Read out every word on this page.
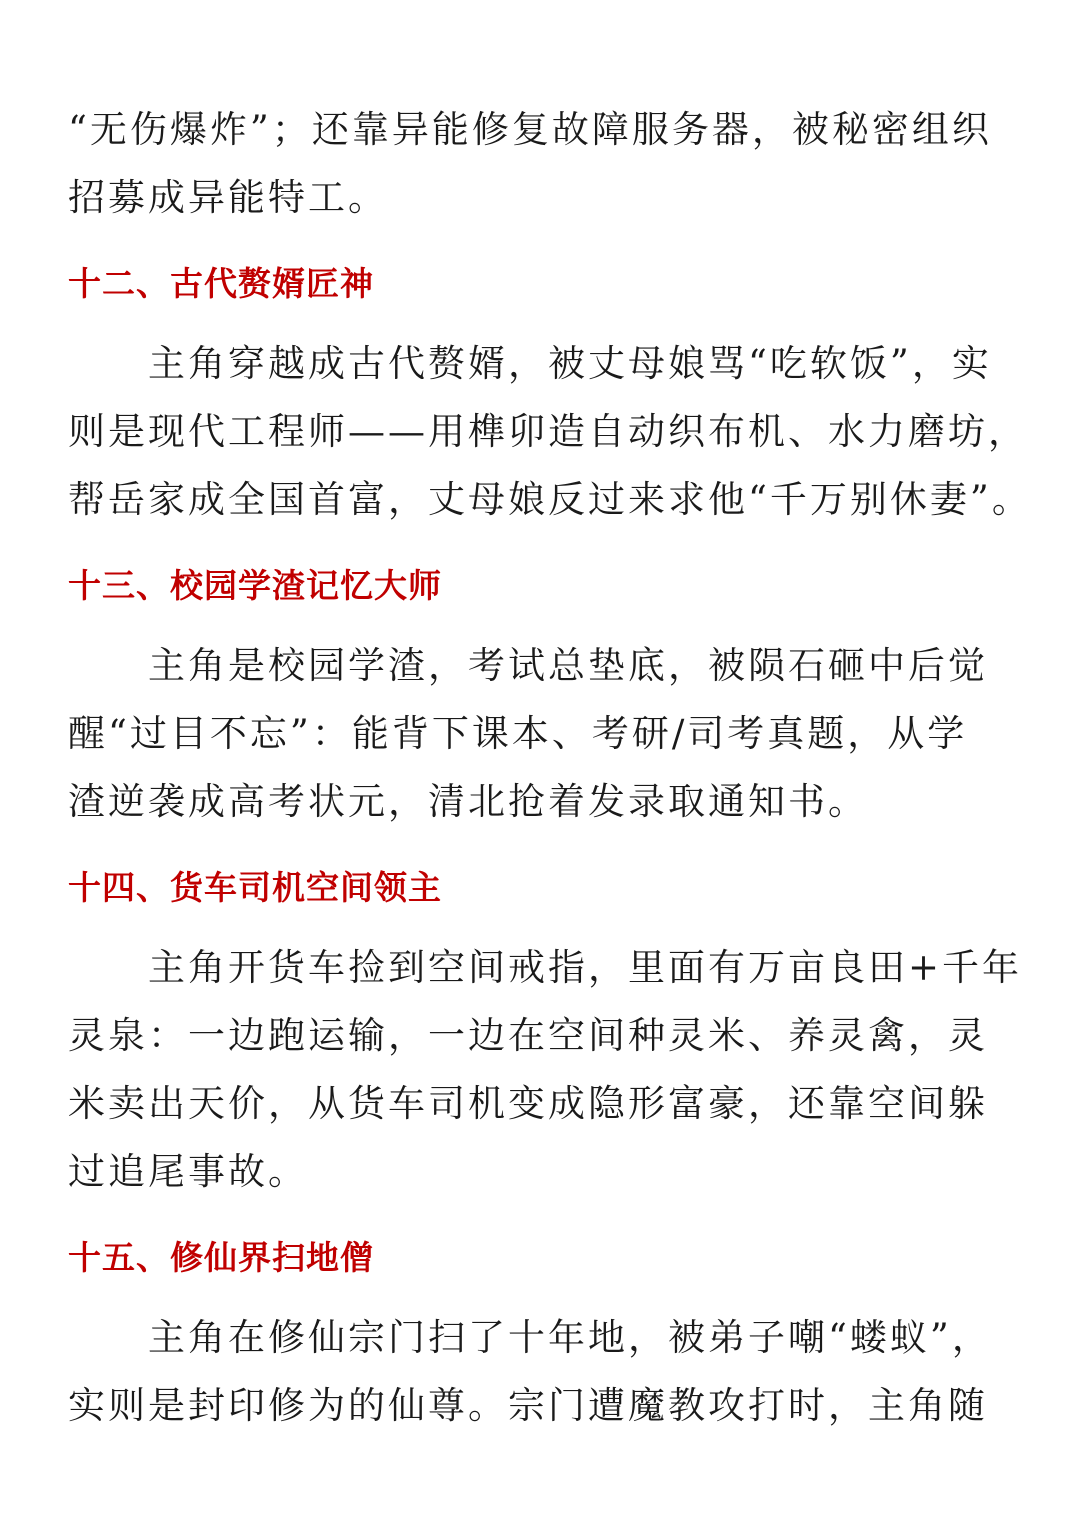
“无伤爆炸”；还靠异能修复故障服务器，被秘密组织
招募成异能特工。

十二、古代赘婿匠神

主角穿越成古代赘婿，被丈母娘骂“吃软饭”，实
则是现代工程师——用榫卯造自动织布机、水力磨坊，
帮岳家成全国首富，丈母娘反过来求他“千万别休妻”。

十三、校园学渣记忆大师

主角是校园学渣，考试总垫底，被陨石砸中后觉
醒“过目不忘”：能背下课本、考研/司考真题，从学
渣逆袭成高考状元，清北抢着发录取通知书。

十四、货车司机空间领主

主角开货车捡到空间戒指，里面有万亩良田+千年
灵泉：一边跑运输，一边在空间种灵米、养灵禽，灵
米卖出天价，从货车司机变成隐形富豪，还靠空间躲
过追尾事故。

十五、修仙界扫地僧

主角在修仙宗门扫了十年地，被弟子嘲“蝼蚁”，
实则是封印修为的仙尊。宗门遭魔教攻打时，主角随
